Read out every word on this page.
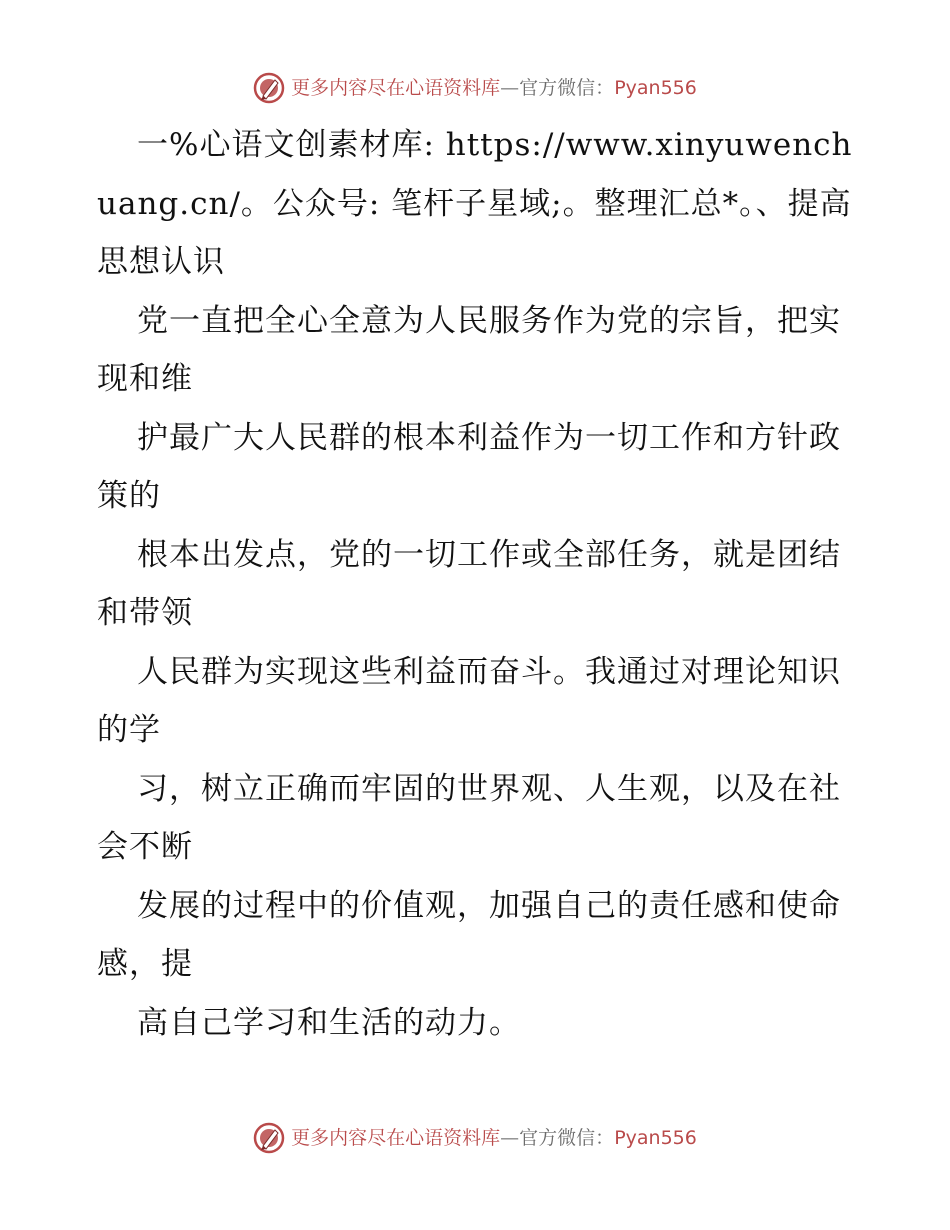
更多内容尽在心语资料库—官方微信：Pyan556

一%心语文创素材库: https://www.xinyuwenchuang.cn/。公众号: 笔杆子星域;。整理汇总*。、提高思想认识

党一直把全心全意为人民服务作为党的宗旨，把实现和维

护最广大人民群的根本利益作为一切工作和方针政策的

根本出发点，党的一切工作或全部任务，就是团结和带领

人民群为实现这些利益而奋斗。我通过对理论知识的学

习，树立正确而牢固的世界观、人生观，以及在社会不断

发展的过程中的价值观，加强自己的责任感和使命感，提

高自己学习和生活的动力。

更多内容尽在心语资料库—官方微信：Pyan556
